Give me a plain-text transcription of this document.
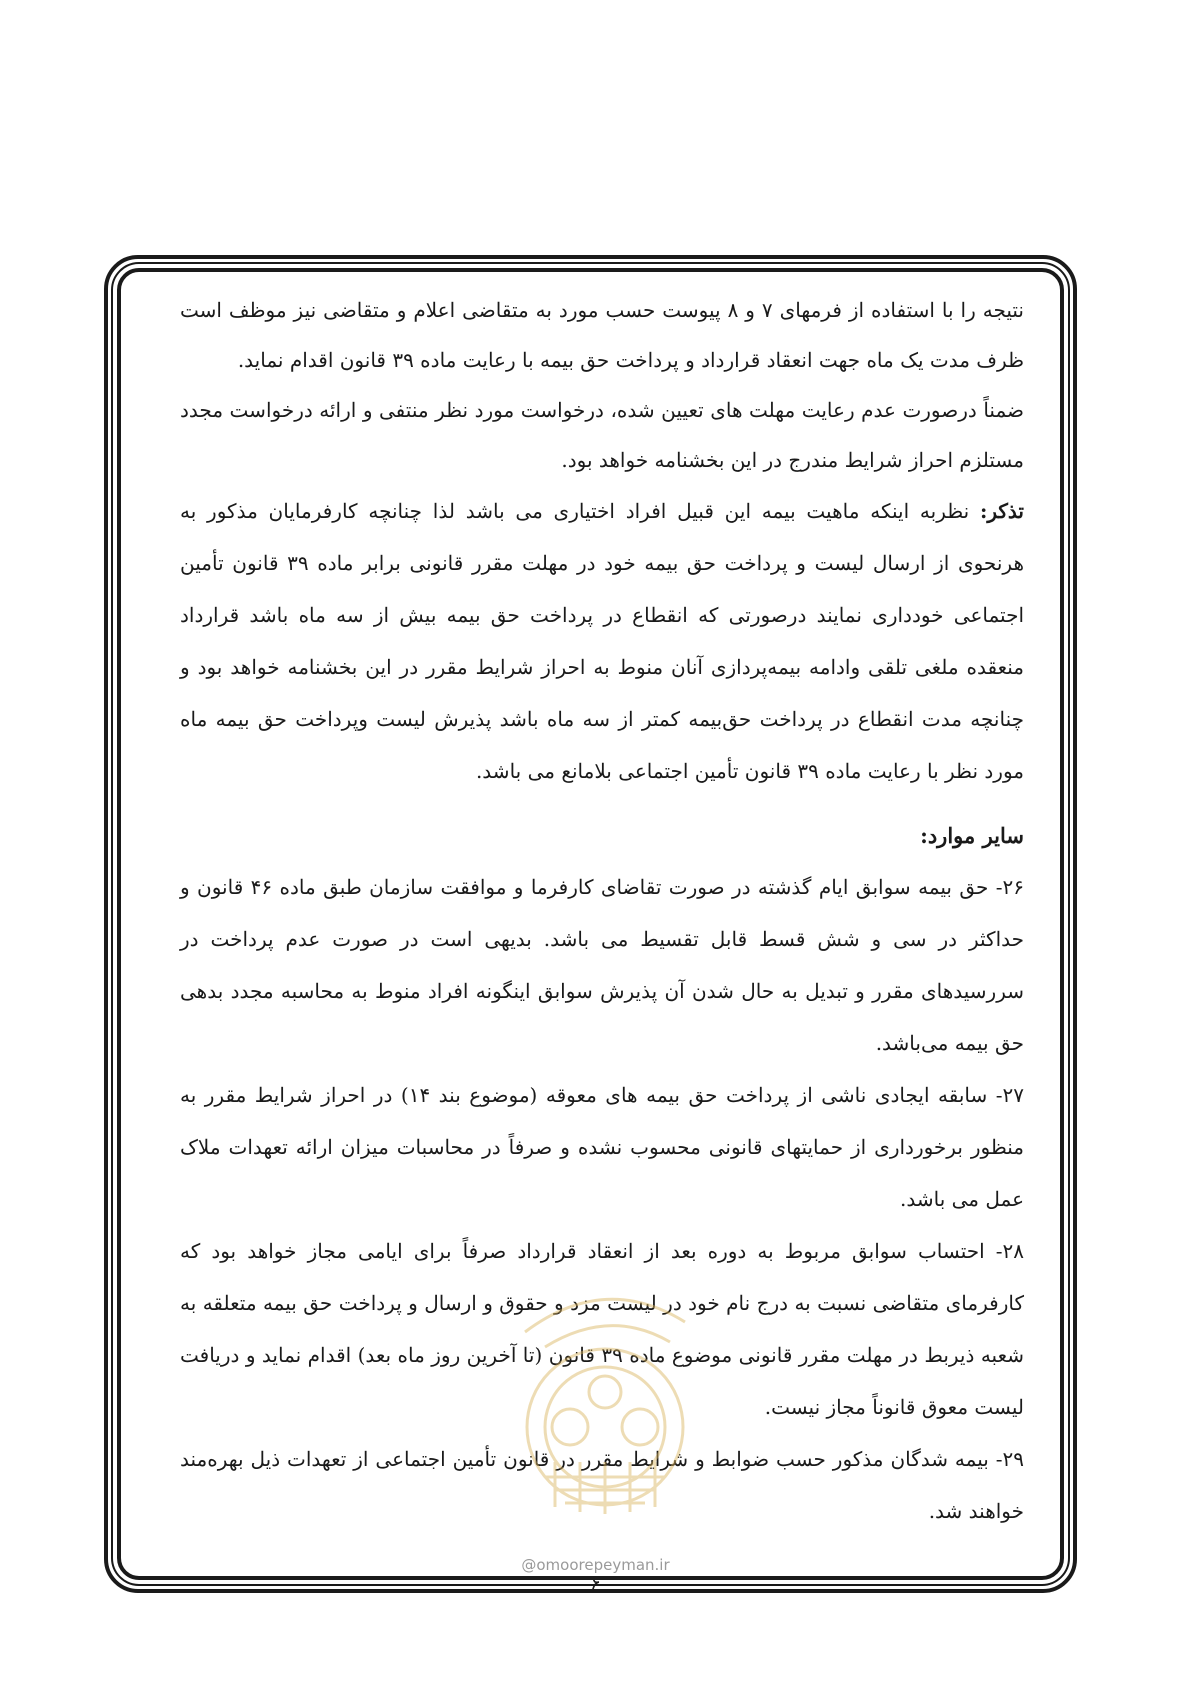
نتیجه را با استفاده از فرمهای ۷ و ۸ پیوست حسب مورد به متقاضی اعلام و متقاضی نیز موظف است ظرف مدت یک ماه جهت انعقاد قرارداد و پرداخت حق بیمه با رعایت ماده ۳۹ قانون اقدام نماید.

ضمناً درصورت عدم رعایت مهلت های تعیین شده، درخواست مورد نظر منتفی و ارائه درخواست مجدد مستلزم احراز شرایط مندرج در این بخشنامه خواهد بود.

تذکر: نظربه اینکه ماهیت بیمه این قبیل افراد اختیاری می باشد لذا چنانچه کارفرمایان مذکور به هرنحوی از ارسال لیست و پرداخت حق بیمه خود در مهلت مقرر قانونی برابر ماده ۳۹ قانون تأمین اجتماعی خودداری نمایند درصورتی که انقطاع در پرداخت حق بیمه بیش از سه ماه باشد قرارداد منعقده ملغی تلقی وادامه بیمه‌پردازی آنان منوط به احراز شرایط مقرر در این بخشنامه خواهد بود و چنانچه مدت انقطاع در پرداخت حق‌بیمه کمتر از سه ماه باشد پذیرش لیست وپرداخت حق بیمه ماه مورد نظر با رعایت ماده ۳۹ قانون تأمین اجتماعی بلامانع می باشد.

سایر موارد:

۲۶- حق بیمه سوابق ایام گذشته در صورت تقاضای کارفرما و موافقت سازمان طبق ماده ۴۶ قانون و حداکثر در سی و شش قسط قابل تقسیط می باشد. بدیهی است در صورت عدم پرداخت در سررسیدهای مقرر و تبدیل به حال شدن آن پذیرش سوابق اینگونه افراد منوط به محاسبه مجدد بدهی حق بیمه می‌باشد.

۲۷- سابقه ایجادی ناشی از پرداخت حق بیمه های معوقه (موضوع بند ۱۴) در احراز شرایط مقرر به منظور برخورداری از حمایتهای قانونی محسوب نشده و صرفاً در محاسبات میزان ارائه تعهدات ملاک عمل می باشد.

۲۸- احتساب سوابق مربوط به دوره بعد از انعقاد قرارداد صرفاً برای ایامی مجاز خواهد بود که کارفرمای متقاضی نسبت به درج نام خود در لیست مزد و حقوق و ارسال و پرداخت حق بیمه متعلقه به شعبه ذیربط در مهلت مقرر قانونی موضوع ماده ۳۹ قانون (تا آخرین روز ماه بعد) اقدام نماید و دریافت لیست معوق قانوناً مجاز نیست.

۲۹- بیمه شدگان مذکور حسب ضوابط و شرایط مقرر در قانون تأمین اجتماعی از تعهدات ذیل بهره‌مند خواهند شد.

@omoorepeyman.ir
۶
